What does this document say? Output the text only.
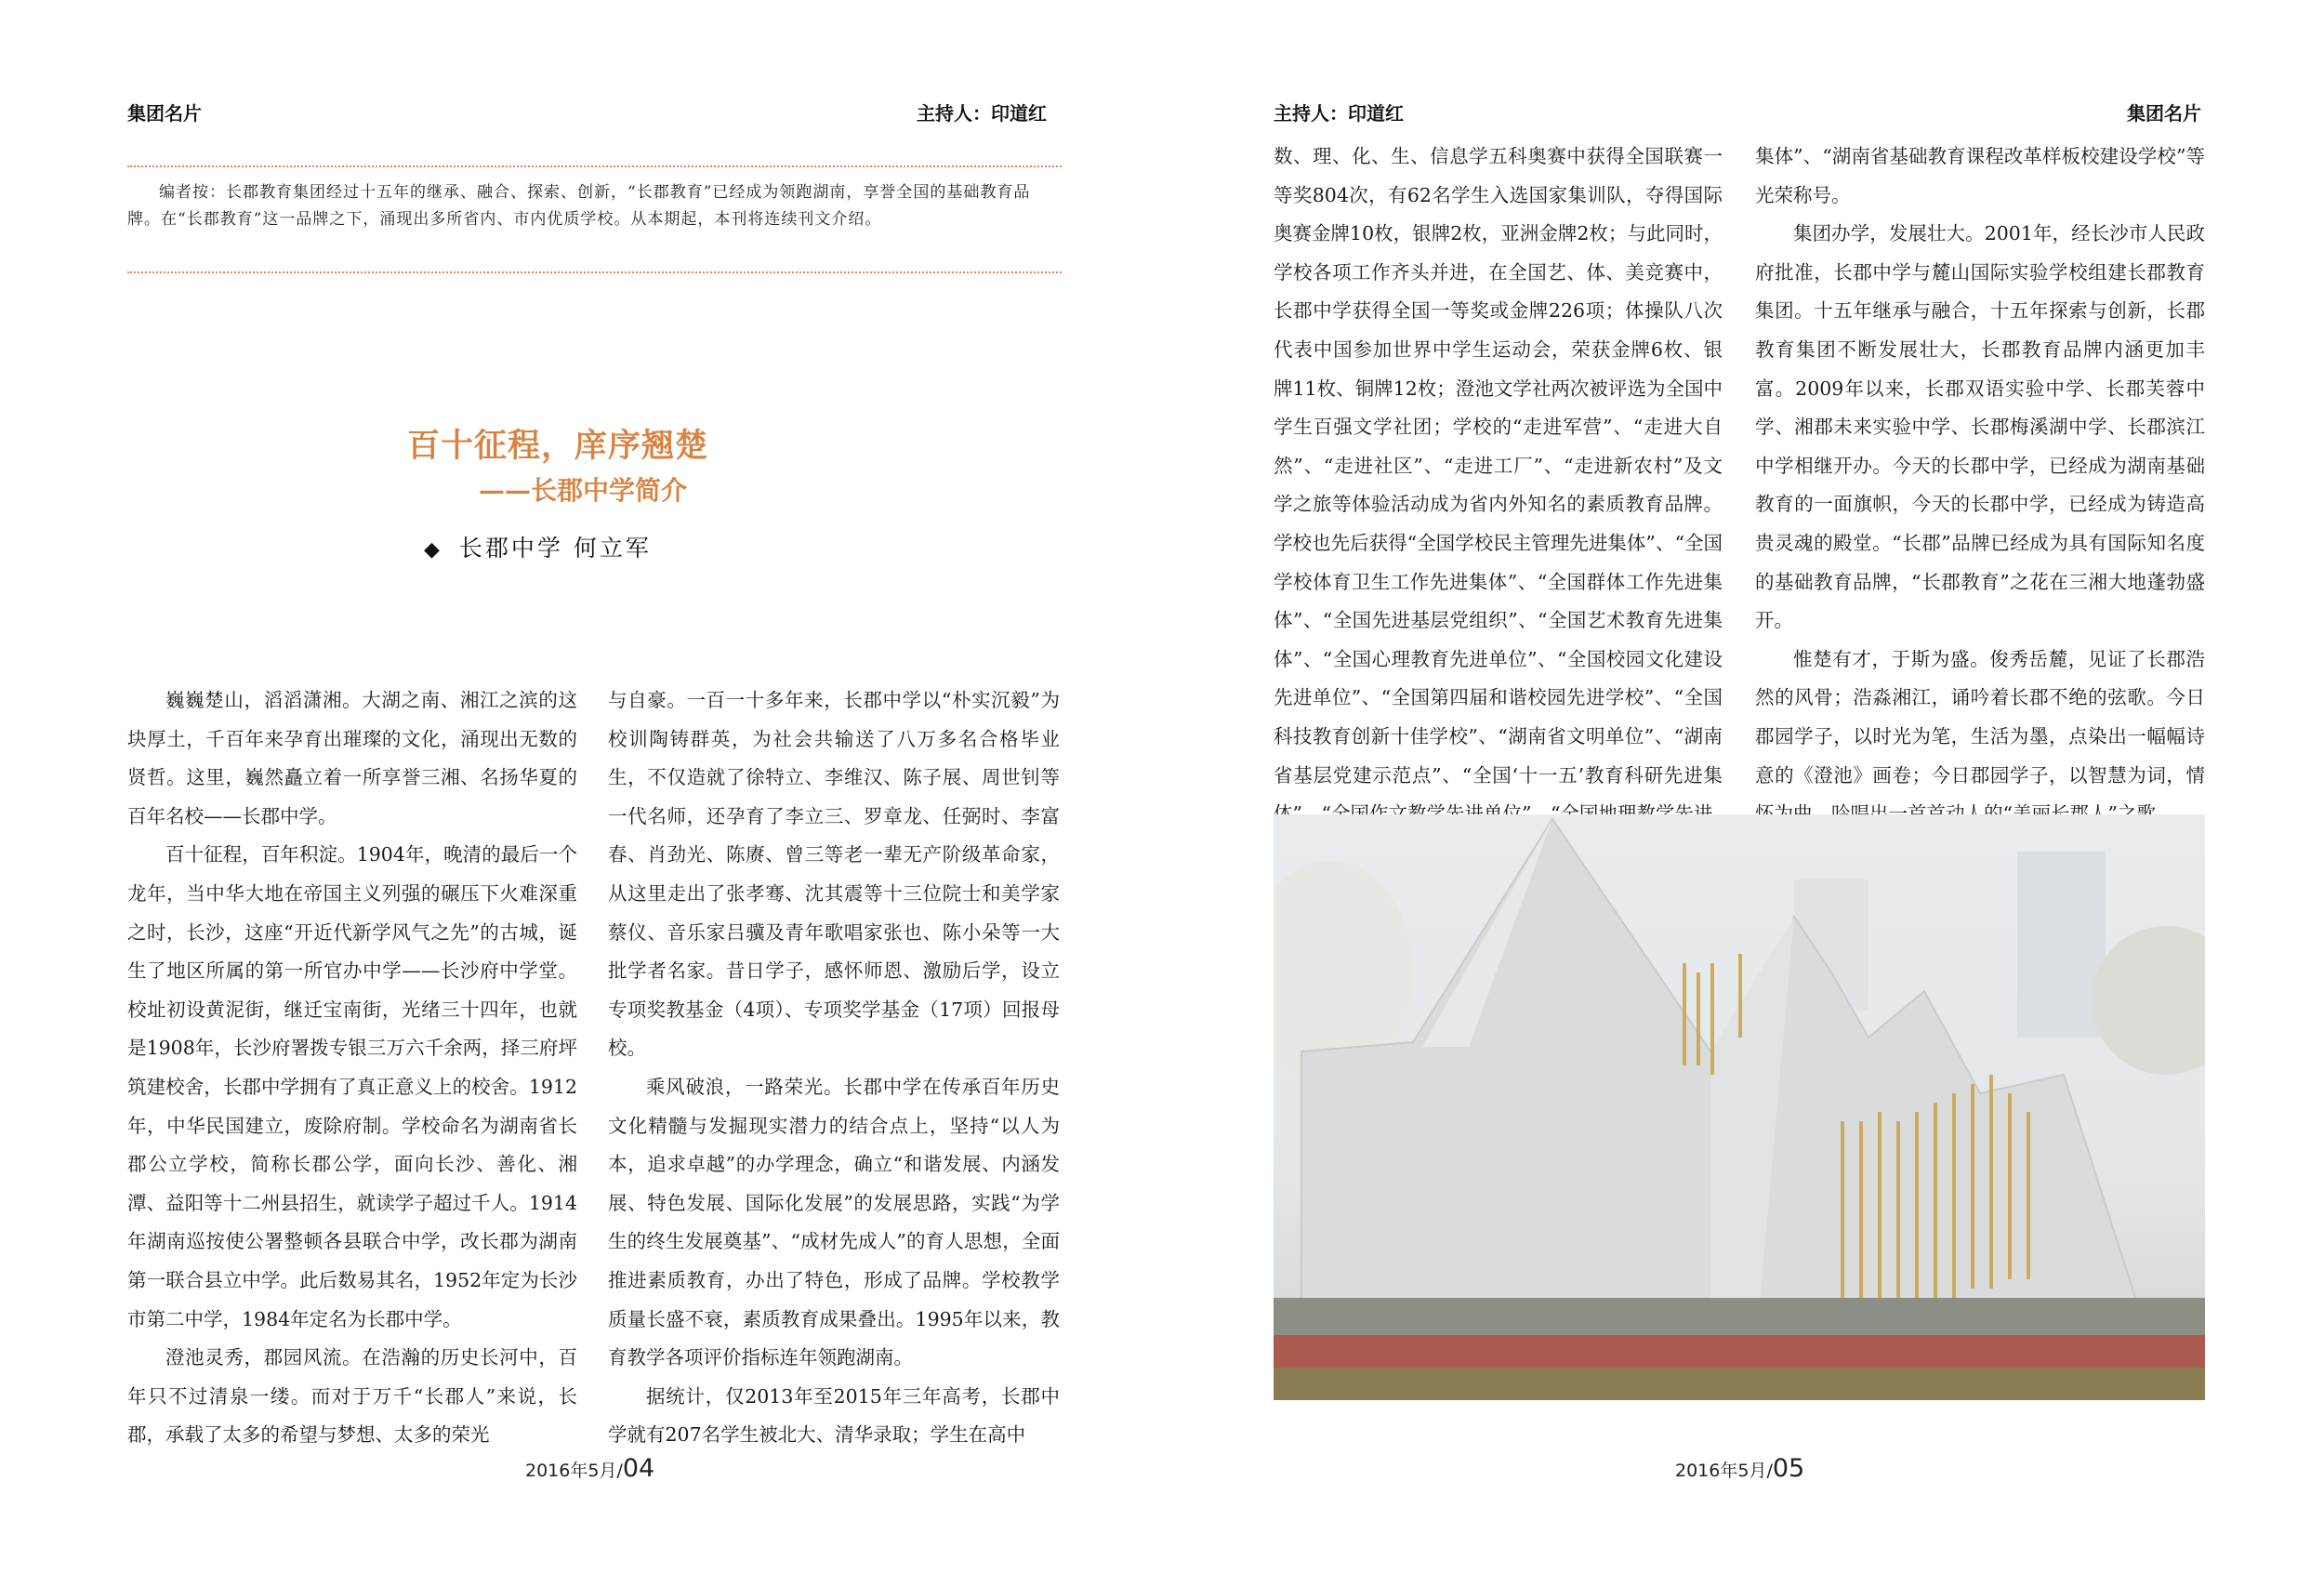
集团名片	主持人：印道红
编者按：长郡教育集团经过十五年的继承、融合、探索、创新，“长郡教育”已经成为领跑湖南，享誉全国的基础教育品牌。在“长郡教育”这一品牌之下，涌现出多所省内、市内优质学校。从本期起，本刊将连续刊文介绍。
百十征程，庠序翘楚
——长郡中学简介
◆ 长郡中学 何立军

巍巍楚山，滔滔潇湘。大湖之南、湘江之滨的这块厚土，千百年来孕育出璀璨的文化，涌现出无数的贤哲。这里，巍然矗立着一所享誉三湘、名扬华夏的百年名校——长郡中学。

百十征程，百年积淀。1904年，晚清的最后一个龙年，当中华大地在帝国主义列强的碾压下火难深重之时，长沙，这座“开近代新学风气之先”的古城，诞生了地区所属的第一所官办中学——长沙府中学堂。校址初设黄泥街，继迁宝南街，光绪三十四年，也就是1908年，长沙府署拨专银三万六千余两，择三府坪筑建校舍，长郡中学拥有了真正意义上的校舍。1912年，中华民国建立，废除府制。学校命名为湖南省长郡公立学校，简称长郡公学，面向长沙、善化、湘潭、益阳等十二州县招生，就读学子超过千人。1914年湖南巡按使公署整顿各县联合中学，改长郡为湖南第一联合县立中学。此后数易其名，1952年定为长沙市第二中学，1984年定名为长郡中学。

澄池灵秀，郡园风流。在浩瀚的历史长河中，百年只不过清泉一缕。而对于万千“长郡人”来说，长郡，承载了太多的希望与梦想、太多的荣光

与自豪。一百一十多年来，长郡中学以“朴实沉毅”为校训陶铸群英，为社会共输送了八万多名合格毕业生，不仅造就了徐特立、李维汉、陈子展、周世钊等一代名师，还孕育了李立三、罗章龙、任弼时、李富春、肖劲光、陈赓、曾三等老一辈无产阶级革命家，从这里走出了张孝骞、沈其震等十三位院士和美学家蔡仪、音乐家吕骥及青年歌唱家张也、陈小朵等一大批学者名家。昔日学子，感怀师恩、激励后学，设立专项奖教基金（4项）、专项奖学基金（17项）回报母校。

乘风破浪，一路荣光。长郡中学在传承百年历史文化精髓与发掘现实潜力的结合点上，坚持“以人为本，追求卓越”的办学理念，确立“和谐发展、内涵发展、特色发展、国际化发展”的发展思路，实践“为学生的终生发展奠基”、“成材先成人”的育人思想，全面推进素质教育，办出了特色，形成了品牌。学校教学质量长盛不衰，素质教育成果叠出。1995年以来，教育教学各项评价指标连年领跑湖南。

据统计，仅2013年至2015年三年高考，长郡中学就有207名学生被北大、清华录取；学生在高中

2016年5月/04
主持人：印道红	集团名片

数、理、化、生、信息学五科奥赛中获得全国联赛一等奖804次，有62名学生入选国家集训队，夺得国际奥赛金牌10枚，银牌2枚，亚洲金牌2枚；与此同时，学校各项工作齐头并进，在全国艺、体、美竞赛中，长郡中学获得全国一等奖或金牌226项；体操队八次代表中国参加世界中学生运动会，荣获金牌6枚、银牌11枚、铜牌12枚；澄池文学社两次被评选为全国中学生百强文学社团；学校的“走进军营”、“走进大自然”、“走进社区”、“走进工厂”、“走进新农村”及文学之旅等体验活动成为省内外知名的素质教育品牌。学校也先后获得“全国学校民主管理先进集体”、“全国学校体育卫生工作先进集体”、“全国群体工作先进集体”、“全国先进基层党组织”、“全国艺术教育先进集体”、“全国心理教育先进单位”、“全国校园文化建设先进单位”、“全国第四届和谐校园先进学校”、“全国科技教育创新十佳学校”、“湖南省文明单位”、“湖南省基层党建示范点”、“全国‘十一五’教育科研先进集

集体”、“湖南省基础教育课程改革样板校建设学校”等光荣称号。

集团办学，发展壮大。2001年，经长沙市人民政府批准，长郡中学与麓山国际实验学校组建长郡教育集团。十五年继承与融合，十五年探索与创新，长郡教育集团不断发展壮大，长郡教育品牌内涵更加丰富。2009年以来，长郡双语实验中学、长郡芙蓉中学、湘郡未来实验中学、长郡梅溪湖中学、长郡滨江中学相继开办。今天的长郡中学，已经成为湖南基础教育的一面旗帜，今天的长郡中学，已经成为铸造高贵灵魂的殿堂。“长郡”品牌已经成为具有国际知名度的基础教育品牌，“长郡教育”之花在三湘大地蓬勃盛开。

惟楚有才，于斯为盛。俊秀岳麓，见证了长郡浩然的风骨；浩淼湘江，诵吟着长郡不绝的弦歌。今日郡园学子，以时光为笔，生活为墨，点染出一幅幅诗意的《澄池》画卷；今日郡园学子，以智慧为词，情

2016年5月/05
